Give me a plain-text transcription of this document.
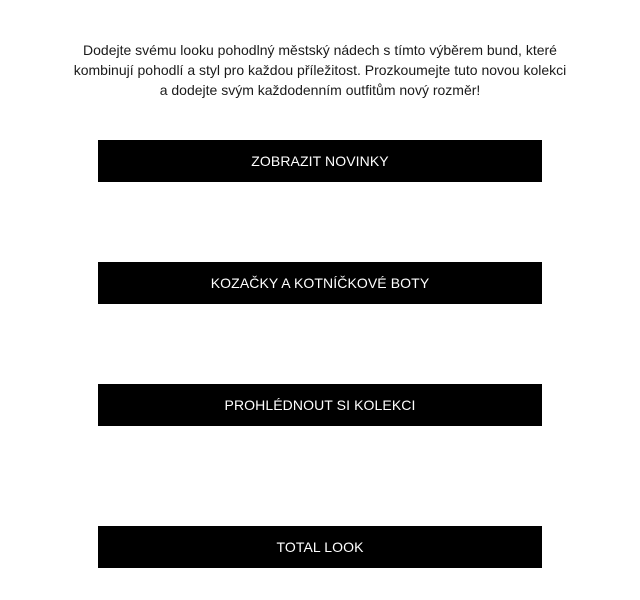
Dodejte svému looku pohodlný městský nádech s tímto výběrem bund, které
kombinují pohodlí a styl pro každou příležitost. Prozkoumejte tuto novou kolekci
a dodejte svým každodenním outfitům nový rozměr!

ZOBRAZIT NOVINKY
KOZAČKY A KOTNÍČKOVÉ BOTY
PROHLÉDNOUT SI KOLEKCI
TOTAL LOOK
